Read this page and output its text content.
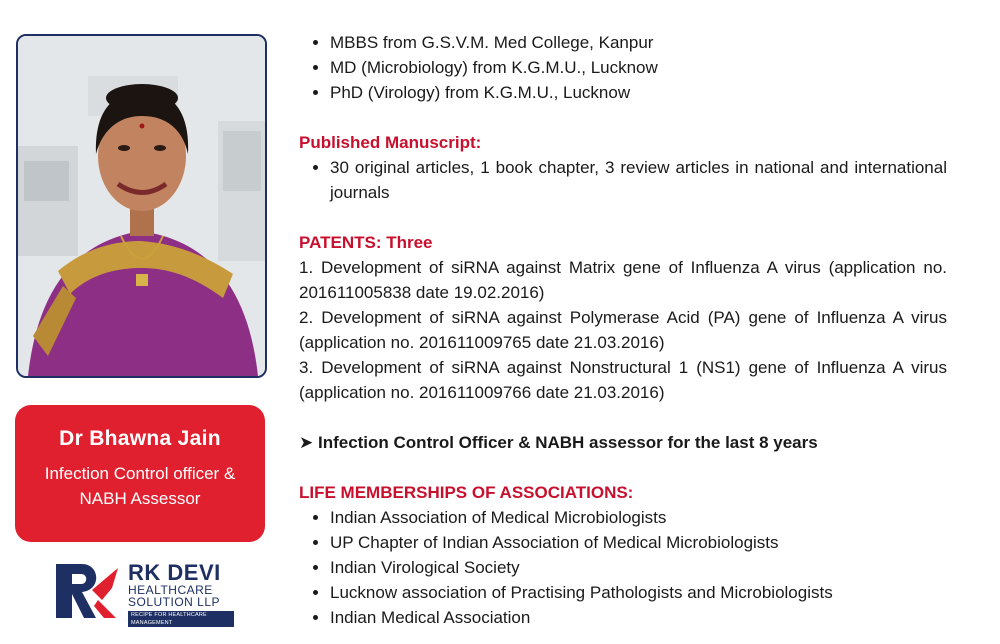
Dr Bhawna Jain
Infection Control officer & NABH Assessor
RK DEVI
HEALTHCARE
SOLUTION LLP
RECIPE FOR HEALTHCARE MANAGEMENT
• MBBS from G.S.V.M. Med College, Kanpur
• MD (Microbiology) from K.G.M.U., Lucknow
• PhD (Virology) from K.G.M.U., Lucknow
Published Manuscript:
• 30 original articles, 1 book chapter, 3 review articles in national and international journals
PATENTS: Three
1. Development of siRNA against Matrix gene of Influenza A virus (application no. 201611005838 date 19.02.2016)
2. Development of siRNA against Polymerase Acid (PA) gene of Influenza A virus (application no. 201611009765 date 21.03.2016)
3. Development of siRNA against Nonstructural 1 (NS1) gene of Influenza A virus (application no. 201611009766 date 21.03.2016)
➤ Infection Control Officer & NABH assessor for the last 8 years
LIFE MEMBERSHIPS OF ASSOCIATIONS:
• Indian Association of Medical Microbiologists
• UP Chapter of Indian Association of Medical Microbiologists
• Indian Virological Society
• Lucknow association of Practising Pathologists and Microbiologists
• Indian Medical Association
